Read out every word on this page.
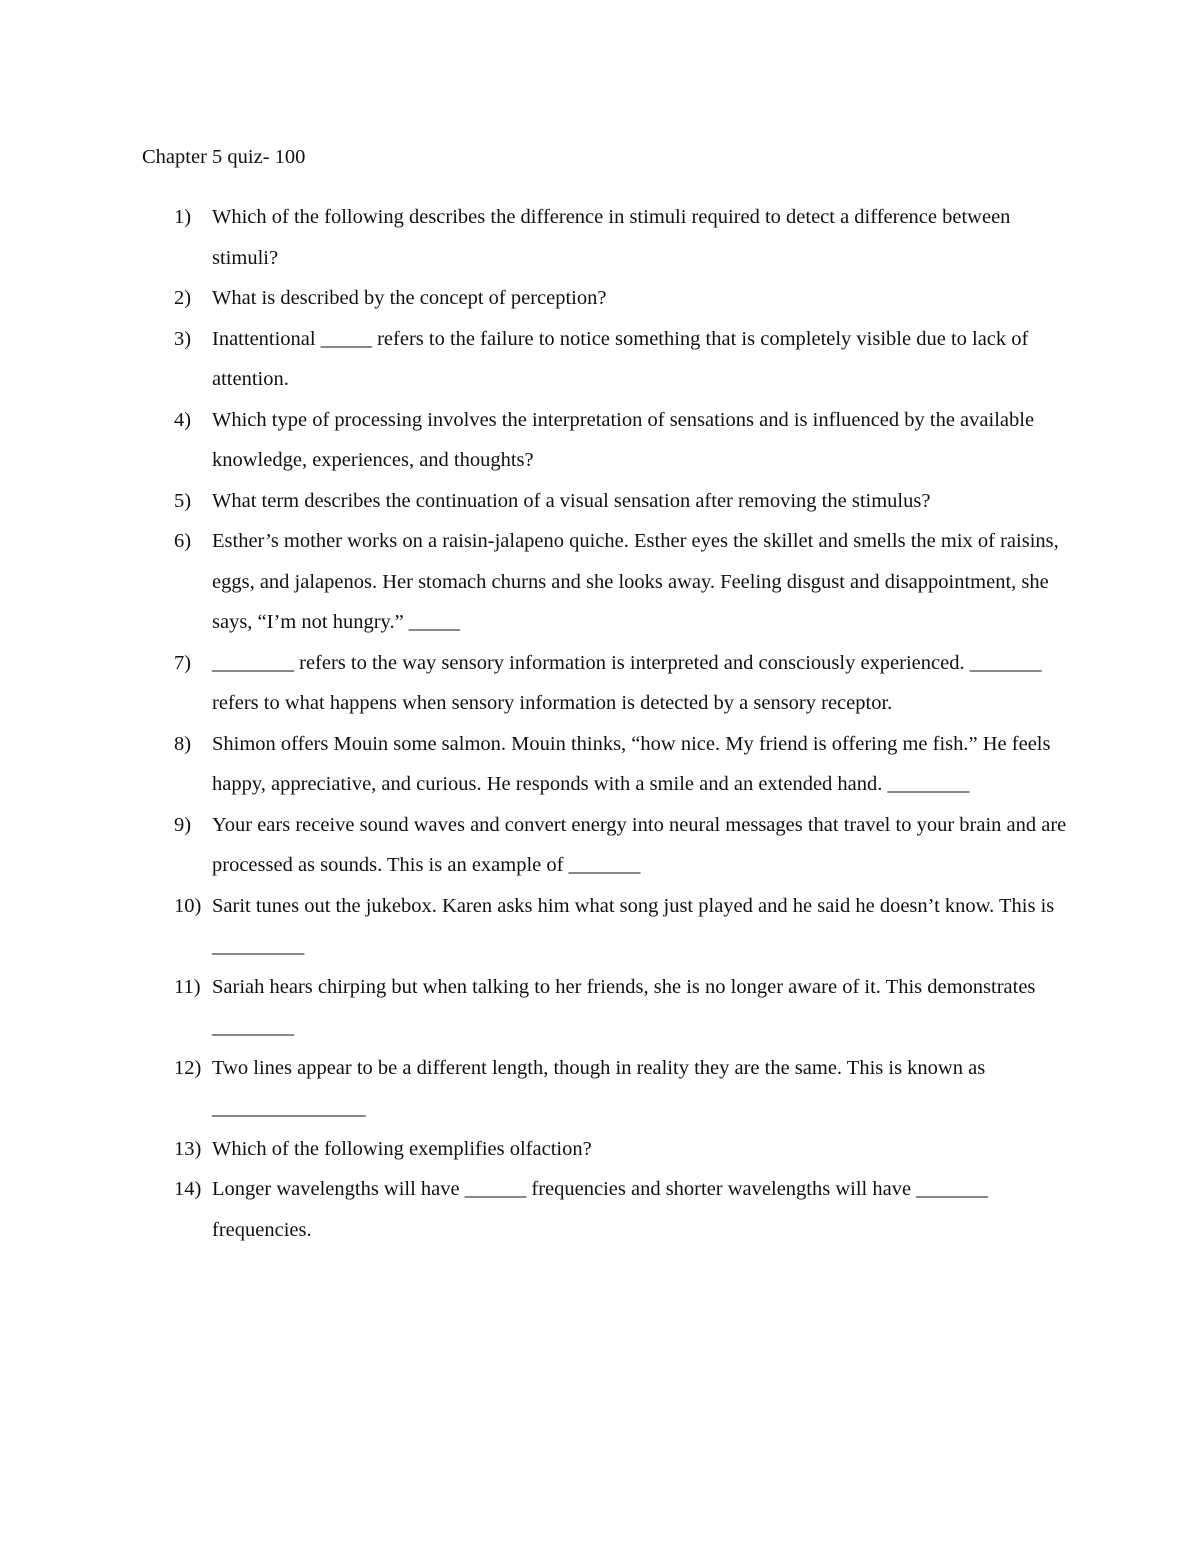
Chapter 5 quiz- 100
1)	Which of the following describes the difference in stimuli required to detect a difference between stimuli?
2)	What is described by the concept of perception?
3)	Inattentional _____ refers to the failure to notice something that is completely visible due to lack of attention.
4)	Which type of processing involves the interpretation of sensations and is influenced by the available knowledge, experiences, and thoughts?
5)	What term describes the continuation of a visual sensation after removing the stimulus?
6)	Esther’s mother works on a raisin-jalapeno quiche. Esther eyes the skillet and smells the mix of raisins, eggs, and jalapenos. Her stomach churns and she looks away. Feeling disgust and disappointment, she says, “I’m not hungry.” _____
7)	________ refers to the way sensory information is interpreted and consciously experienced. _______ refers to what happens when sensory information is detected by a sensory receptor.
8)	Shimon offers Mouin some salmon. Mouin thinks, “how nice. My friend is offering me fish.” He feels happy, appreciative, and curious. He responds with a smile and an extended hand. ________
9)	Your ears receive sound waves and convert energy into neural messages that travel to your brain and are processed as sounds. This is an example of _______
10) Sarit tunes out the jukebox. Karen asks him what song just played and he said he doesn’t know. This is _________
11) Sariah hears chirping but when talking to her friends, she is no longer aware of it. This demonstrates ________
12) Two lines appear to be a different length, though in reality they are the same. This is known as _______________
13) Which of the following exemplifies olfaction?
14) Longer wavelengths will have ______ frequencies and shorter wavelengths will have _______ frequencies.
